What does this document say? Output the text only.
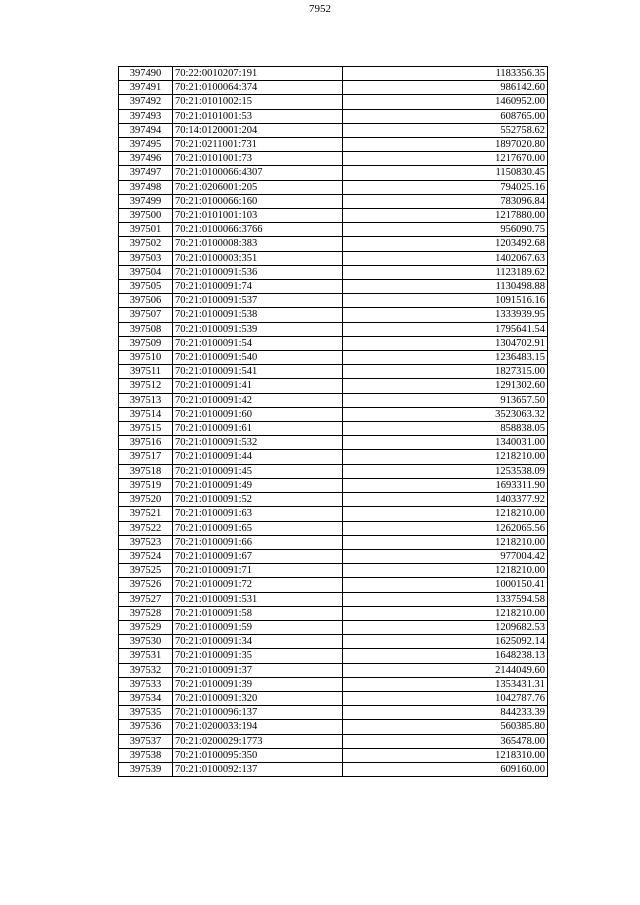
7952
397490	70:22:0010207:191	1183356.35
397491	70:21:0100064:374	986142.60
397492	70:21:0101002:15	1460952.00
397493	70:21:0101001:53	608765.00
397494	70:14:0120001:204	552758.62
397495	70:21:0211001:731	1897020.80
397496	70:21:0101001:73	1217670.00
397497	70:21:0100066:4307	1150830.45
397498	70:21:0206001:205	794025.16
397499	70:21:0100066:160	783096.84
397500	70:21:0101001:103	1217880.00
397501	70:21:0100066:3766	956090.75
397502	70:21:0100008:383	1203492.68
397503	70:21:0100003:351	1402067.63
397504	70:21:0100091:536	1123189.62
397505	70:21:0100091:74	1130498.88
397506	70:21:0100091:537	1091516.16
397507	70:21:0100091:538	1333939.95
397508	70:21:0100091:539	1795641.54
397509	70:21:0100091:54	1304702.91
397510	70:21:0100091:540	1236483.15
397511	70:21:0100091:541	1827315.00
397512	70:21:0100091:41	1291302.60
397513	70:21:0100091:42	913657.50
397514	70:21:0100091:60	3523063.32
397515	70:21:0100091:61	858838.05
397516	70:21:0100091:532	1340031.00
397517	70:21:0100091:44	1218210.00
397518	70:21:0100091:45	1253538.09
397519	70:21:0100091:49	1693311.90
397520	70:21:0100091:52	1403377.92
397521	70:21:0100091:63	1218210.00
397522	70:21:0100091:65	1262065.56
397523	70:21:0100091:66	1218210.00
397524	70:21:0100091:67	977004.42
397525	70:21:0100091:71	1218210.00
397526	70:21:0100091:72	1000150.41
397527	70:21:0100091:531	1337594.58
397528	70:21:0100091:58	1218210.00
397529	70:21:0100091:59	1209682.53
397530	70:21:0100091:34	1625092.14
397531	70:21:0100091:35	1648238.13
397532	70:21:0100091:37	2144049.60
397533	70:21:0100091:39	1353431.31
397534	70:21:0100091:320	1042787.76
397535	70:21:0100096:137	844233.39
397536	70:21:0200033:194	560385.80
397537	70:21:0200029:1773	365478.00
397538	70:21:0100095:350	1218310.00
397539	70:21:0100092:137	609160.00
